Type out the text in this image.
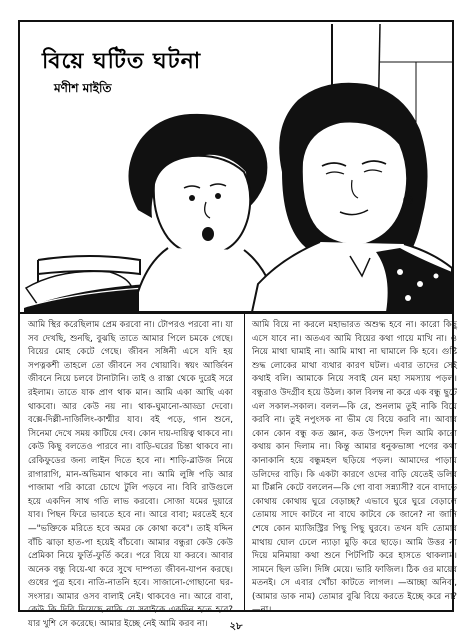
বিয়ে ঘটিত ঘটনা
মণীশ মাইতি
আমি স্থির করেছিলাম প্রেম করবো না। টোপরও পরবো না। যা সব দেখছি, শুনছি, বুঝছি তাতে আমার পিলে চমকে গেছে। বিয়ের মোহ কেটে গেছে। জীবন সঙ্গিনী এসে যদি হয় সপত্নকশী তাহলে তো জীবনে সব খোয়াবি। স্বয়ং আর্জিবন জীবনে নিয়ে চলবে টানাটানি। তাই ও রাস্তা থেকে দুরেই সরে রইলাম। তাতে যাক প্রাণ থাক মান। আমি একা আছি একা থাকবো। আর কেউ নয় না। থাক-ঘুমানো-আড্ডা দেবো। বক্সে-দিল্লী-দার্জিলিং-কাশ্মীর যাব। বই পড়ে, গান শুনে, সিনেমা দেখে সময় কাটিয়ে দেব। কোন দায়-দায়িত্ব থাকবে না। কেউ কিছু বলতেও পারবে না। বাড়ি-ঘরের চিন্তা থাকবে না। রেকিফুডের জন্য লাইন দিতে হবে না। শাড়ি-ব্লাউজ নিয়ে রাগারাগি, মান-অভিমান থাকবে না। আমি লুঙ্গি পড়ি আর পাজামা পরি কারো চোখে টুলি পড়বে না। বিবি রাউগুলে হয়ে একদিন সাথ গতি লাভ করবো। সোজা যমের দুয়ারে যাব। পিছন ফিরে ভাবতে হবে না। আরে বাবা; মরতেই হবে—"ভক্তিকে মরিতে হবে অমর কে কোথা কবে"। তাই যদ্দিন বাঁচি ঝাড়া হাত-পা হয়েই বাঁচবো। আমার বন্ধুরা কেউ কেউ প্রেমিকা নিয়ে ফুর্তি-ফুর্তি করে। পরে বিয়ে যা করবে। আবার অনেক বন্ধু বিয়ে-থা করে সুখে দাম্পত্য জীবন-যাপন করছে। গুধের পুত্র হবে। নাতি-নাতনি হবে। সাজানো-গোছানো ঘর-সংসার। আমার ওসব বালাই নেই। থাকবেও না। আরে বাবা, কেউ কি দিবি দিয়েছে নাকি যে সবাইকে একদিন হতে হবে? যার খুশি সে করেছে। আমার ইচ্ছে নেই আমি করব না।
আমি বিয়ে না করলে মহাভারত অশুদ্ধ হবে না। কারো কিছু এসে যাবে না। অতএব আমি বিয়ের কথা গায়ে মাখি না। ও নিয়ে মাথা ঘামাই না। আমি মাথা না ঘামালে কি হবে। গুষ্টি শুদ্ধ লোকের মাথা ব্যথার কারণ ঘটল। এবার তাদের সেই কথাই বলি। আমাকে নিয়ে সবাই যেন মহা সমস্যায় পড়ল। বন্ধুরাও উদগ্রীব হয়ে উঠল। কাল বিলম্ব না করে এক বন্ধু ছুটে এল সকাল-সকাল। বলল—কি রে, শুনলাম তুই নাকি বিয়ে করবি না। তুই নপুংসক না ভীম যে বিয়ে করবি না। আবার কোন কোন বন্ধু কত জ্ঞান, কত উপদেশ দিল আমি কারো কথায় কান দিলাম না। কিন্তু আমার ধনুকভাঙ্গা পণের কথা কানাকানি হয়ে বন্ধুমহল ছড়িয়ে পড়ল। আমাদের পাড়ায় ডলিদের বাড়ি। কি একটা কারণে ওদের বাড়ি যেতেই ডলির মা টিপ্পনি কেটে বললেন—কি গো বাবা সন্ন্যাসী? বনে বাদাড়ে কোথায় কোথায় ঘুরে বেড়াচ্ছ? এভাবে ঘুরে ঘুরে বেড়ালে তোমায় সাদে কাটবে না বাঘে কাটবে কে জানে? না জানি শেষে কোন ম্যাজিস্ট্রির পিছু পিছু ঘুরবে। তখন যদি তোমার মাথায় ঘোল ঢেলে ন্যাড়া মুড়ি করে ছাড়ে। আমি উত্তর না দিয়ে মনিমায়া কথা শুনে পিটপিটি করে হাসতে থাকলাম। সামনে ছিল ডলি। দিঙ্গি মেয়ে। ভারি ফাজিল। ঠিক ওর মায়ের মতনই। সে এবার খোঁচা কাটতে লাগল। —আচ্ছা অনিবা, (আমার ডাক নাম) তোমার বুঝি বিয়ে করতে ইচ্ছে করে না? —না।
২৮
